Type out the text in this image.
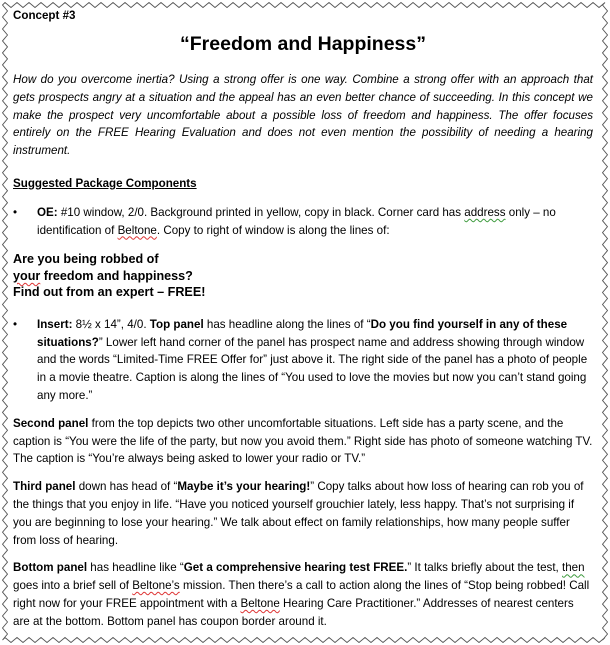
Concept #3
“Freedom and Happiness”
How do you overcome inertia? Using a strong offer is one way. Combine a strong offer with an approach that gets prospects angry at a situation and the appeal has an even better chance of succeeding. In this concept we make the prospect very uncomfortable about a possible loss of freedom and happiness. The offer focuses entirely on the FREE Hearing Evaluation and does not even mention the possibility of needing a hearing instrument.
Suggested Package Components
•	OE: #10 window, 2/0. Background printed in yellow, copy in black. Corner card has address only – no identification of Beltone. Copy to right of window is along the lines of:
Are you being robbed of
your freedom and happiness?
Find out from an expert – FREE!
•	Insert: 8½ x 14”, 4/0. Top panel has headline along the lines of “Do you find yourself in any of these situations?” Lower left hand corner of the panel has prospect name and address showing through window and the words “Limited-Time FREE Offer for” just above it. The right side of the panel has a photo of people in a movie theatre. Caption is along the lines of “You used to love the movies but now you can’t stand going any more.”
Second panel from the top depicts two other uncomfortable situations. Left side has a party scene, and the caption is “You were the life of the party, but now you avoid them.” Right side has photo of someone watching TV. The caption is “You’re always being asked to lower your radio or TV.”
Third panel down has head of “Maybe it’s your hearing!” Copy talks about how loss of hearing can rob you of the things that you enjoy in life. “Have you noticed yourself grouchier lately, less happy. That’s not surprising if you are beginning to lose your hearing.” We talk about effect on family relationships, how many people suffer from loss of hearing.
Bottom panel has headline like “Get a comprehensive hearing test FREE.” It talks briefly about the test, then goes into a brief sell of Beltone’s mission. Then there’s a call to action along the lines of “Stop being robbed! Call right now for your FREE appointment with a Beltone Hearing Care Practitioner.” Addresses of nearest centers are at the bottom. Bottom panel has coupon border around it.
